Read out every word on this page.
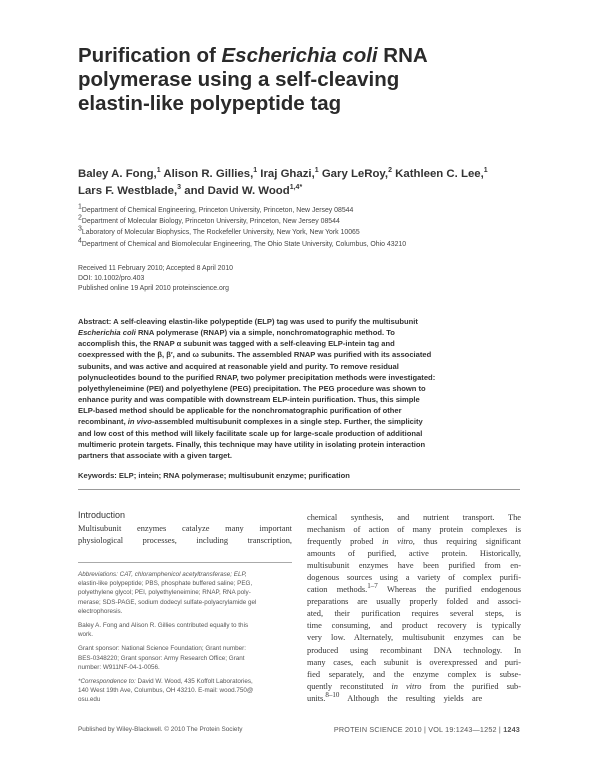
Purification of Escherichia coli RNA
polymerase using a self-cleaving
elastin-like polypeptide tag
Baley A. Fong,$^1$ Alison R. Gillies,$^1$ Iraj Ghazi,$^1$ Gary LeRoy,$^2$ Kathleen C. Lee,$^1$
Lars F. Westblade,$^3$ and David W. Wood$^{1,4*}$
$^1$Department of Chemical Engineering, Princeton University, Princeton, New Jersey 08544
$^2$Department of Molecular Biology, Princeton University, Princeton, New Jersey 08544
$^3$Laboratory of Molecular Biophysics, The Rockefeller University, New York, New York 10065
$^4$Department of Chemical and Biomolecular Engineering, The Ohio State University, Columbus, Ohio 43210
Received 11 February 2010; Accepted 8 April 2010
DOI: 10.1002/pro.403
Published online 19 April 2010 proteinscience.org
Abstract: A self-cleaving elastin-like polypeptide (ELP) tag was used to purify the multisubunit
Escherichia coli RNA polymerase (RNAP) via a simple, nonchromatographic method. To
accomplish this, the RNAP α subunit was tagged with a self-cleaving ELP-intein tag and
coexpressed with the β, β′, and ω subunits. The assembled RNAP was purified with its associated
subunits, and was active and acquired at reasonable yield and purity. To remove residual
polynucleotides bound to the purified RNAP, two polymer precipitation methods were investigated:
polyethyleneimine (PEI) and polyethylene (PEG) precipitation. The PEG procedure was shown to
enhance purity and was compatible with downstream ELP-intein purification. Thus, this simple
ELP-based method should be applicable for the nonchromatographic purification of other
recombinant, in vivo-assembled multisubunit complexes in a single step. Further, the simplicity
and low cost of this method will likely facilitate scale up for large-scale production of additional
multimeric protein targets. Finally, this technique may have utility in isolating protein interaction
partners that associate with a given target.
Keywords: ELP; intein; RNA polymerase; multisubunit enzyme; purification
Introduction
Multisubunit enzymes catalyze many important
physiological processes, including transcription,

Abbreviations: CAT, chloramphenicol acetyltransferase; ELP,
elastin-like polypeptide; PBS, phosphate buffered saline; PEG,
polyethylene glycol; PEI, polyethyleneimine; RNAP, RNA poly-
merase; SDS-PAGE, sodium dodecyl sulfate-polyacrylamide gel
electrophoresis.

Baley A. Fong and Alison R. Gillies contributed equally to this
work.

Grant sponsor: National Science Foundation; Grant number:
BES-0348220; Grant sponsor: Army Research Office; Grant
number: W911NF-04-1-0056.

*Correspondence to: David W. Wood, 435 Koffolt Laboratories,
140 West 19th Ave, Columbus, OH 43210. E-mail: wood.750@
osu.edu

chemical synthesis, and nutrient transport. The
mechanism of action of many protein complexes is
frequently probed in vitro, thus requiring significant
amounts of purified, active protein. Historically,
multisubunit enzymes have been purified from en-
dogenous sources using a variety of complex purifi-
cation methods.$^{1-7}$ Whereas the purified endogenous
preparations are usually properly folded and associ-
ated, their purification requires several steps, is
time consuming, and product recovery is typically
very low. Alternately, multisubunit enzymes can be
produced using recombinant DNA technology. In
many cases, each subunit is overexpressed and puri-
fied separately, and the enzyme complex is subse-
quently reconstituted in vitro from the purified sub-
units.$^{8-10}$    Although    the    resulting    yields    are
Published by Wiley-Blackwell. © 2010 The Protein Society	PROTEIN SCIENCE 2010 | VOL 19:1243—1252 | 1243
